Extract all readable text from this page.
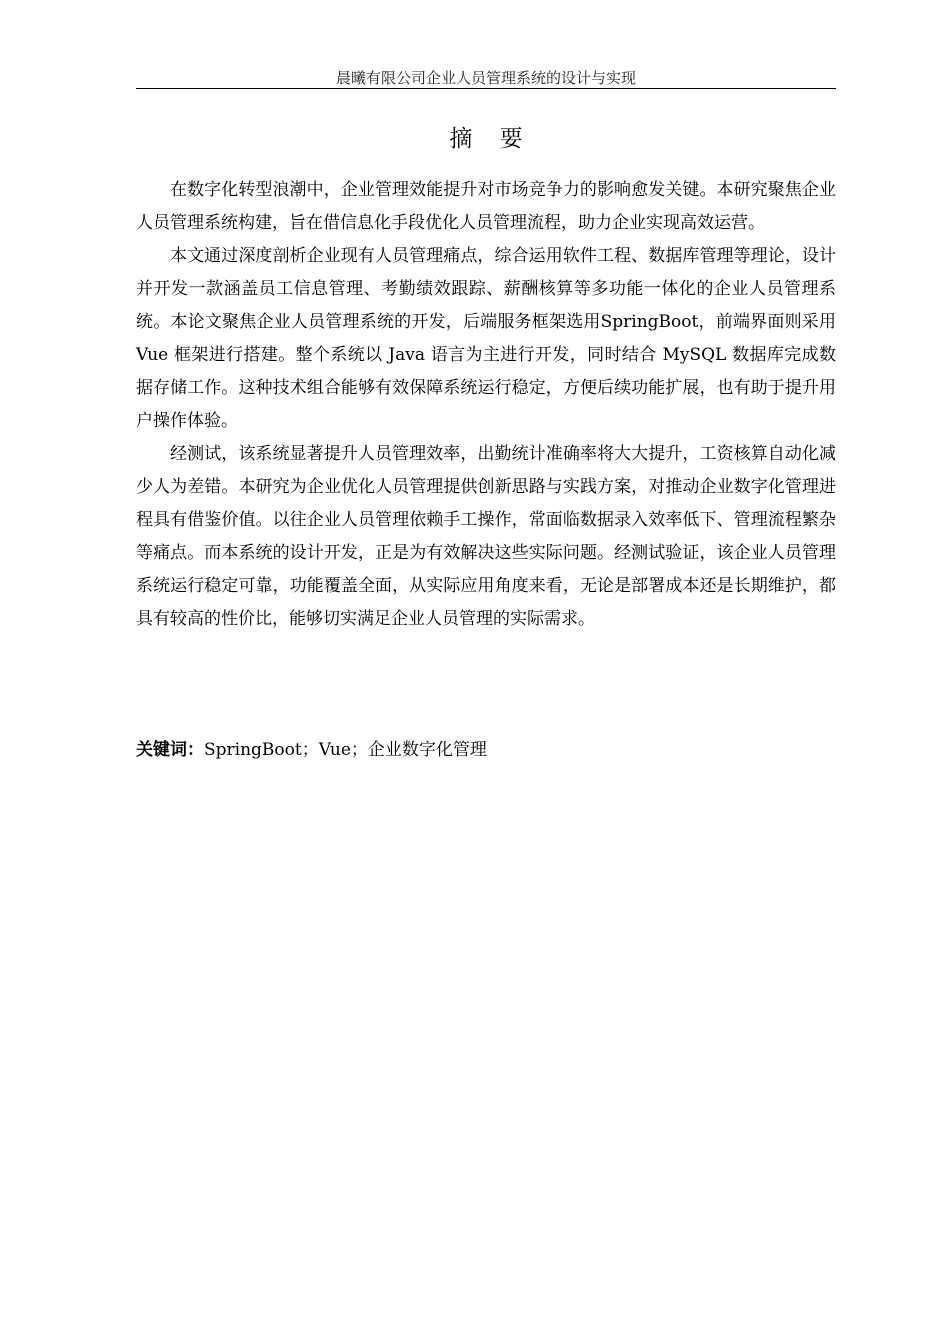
晨曦有限公司企业人员管理系统的设计与实现
摘 要

在数字化转型浪潮中，企业管理效能提升对市场竞争力的影响愈发关键。本研究聚焦企业人员管理系统构建，旨在借信息化手段优化人员管理流程，助力企业实现高效运营。

本文通过深度剖析企业现有人员管理痛点，综合运用软件工程、数据库管理等理论，设计并开发一款涵盖员工信息管理、考勤绩效跟踪、薪酬核算等多功能一体化的企业人员管理系统。本论文聚焦企业人员管理系统的开发，后端服务框架选用SpringBoot，前端界面则采用 Vue 框架进行搭建。整个系统以 Java 语言为主进行开发，同时结合 MySQL 数据库完成数据存储工作。这种技术组合能够有效保障系统运行稳定，方便后续功能扩展，也有助于提升用户操作体验。

经测试，该系统显著提升人员管理效率，出勤统计准确率将大大提升，工资核算自动化减少人为差错。本研究为企业优化人员管理提供创新思路与实践方案，对推动企业数字化管理进程具有借鉴价值。以往企业人员管理依赖手工操作，常面临数据录入效率低下、管理流程繁杂等痛点。而本系统的设计开发，正是为有效解决这些实际问题。经测试验证，该企业人员管理系统运行稳定可靠，功能覆盖全面，从实际应用角度来看，无论是部署成本还是长期维护，都具有较高的性价比，能够切实满足企业人员管理的实际需求。

关键词：SpringBoot；Vue；企业数字化管理
